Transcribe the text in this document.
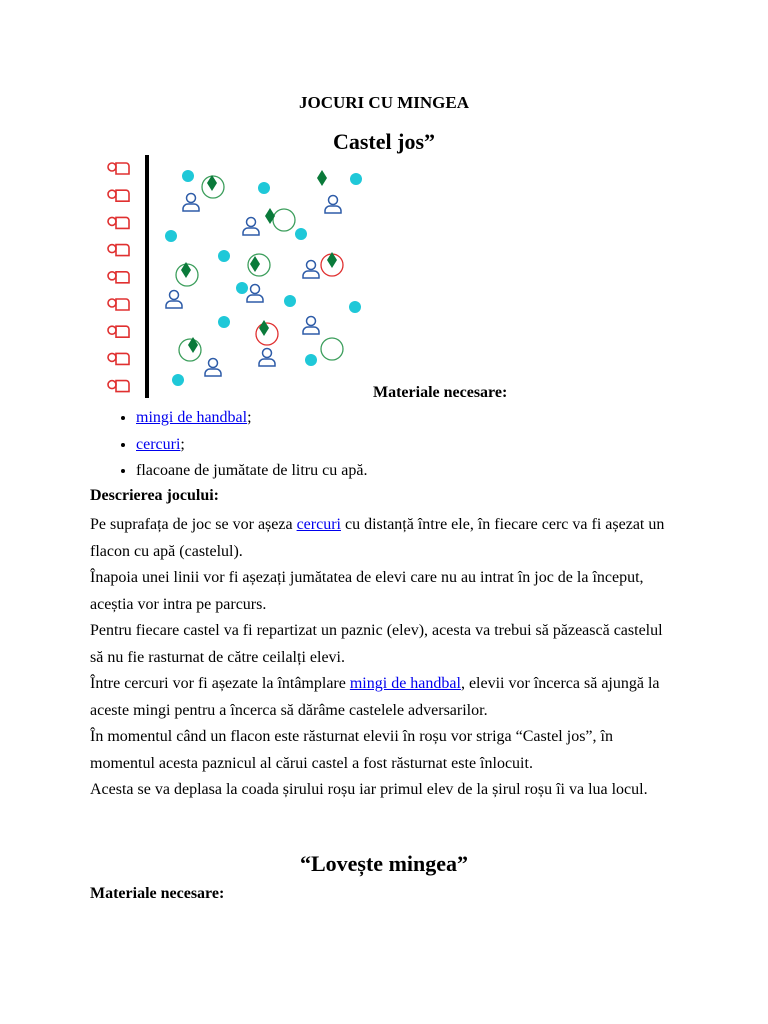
JOCURI CU MINGEA
Castel jos”
Materiale necesare:
• mingi de handbal;
• cercuri;
• flacoane de jumătate de litru cu apă.
Descrierea jocului:

Pe suprafața de joc se vor așeza cercuri cu distanță între ele, în fiecare cerc va fi așezat un flacon cu apă (castelul).

Înapoia unei linii vor fi așezați jumătatea de elevi care nu au intrat în joc de la început, aceștia vor intra pe parcurs.

Pentru fiecare castel va fi repartizat un paznic (elev), acesta va trebui să păzească castelul să nu fie rasturnat de către ceilalți elevi.

Între cercuri vor fi așezate la întâmplare mingi de handbal, elevii vor încerca să ajungă la aceste mingi pentru a încerca să dărâme castelele adversarilor.

În momentul când un flacon este răsturnat elevii în roșu vor striga “Castel jos”, în momentul acesta paznicul al cărui castel a fost răsturnat este înlocuit.

Acesta se va deplasa la coada șirului roșu iar primul elev de la șirul roșu îi va lua locul.

“Lovește mingea”
Materiale necesare:
